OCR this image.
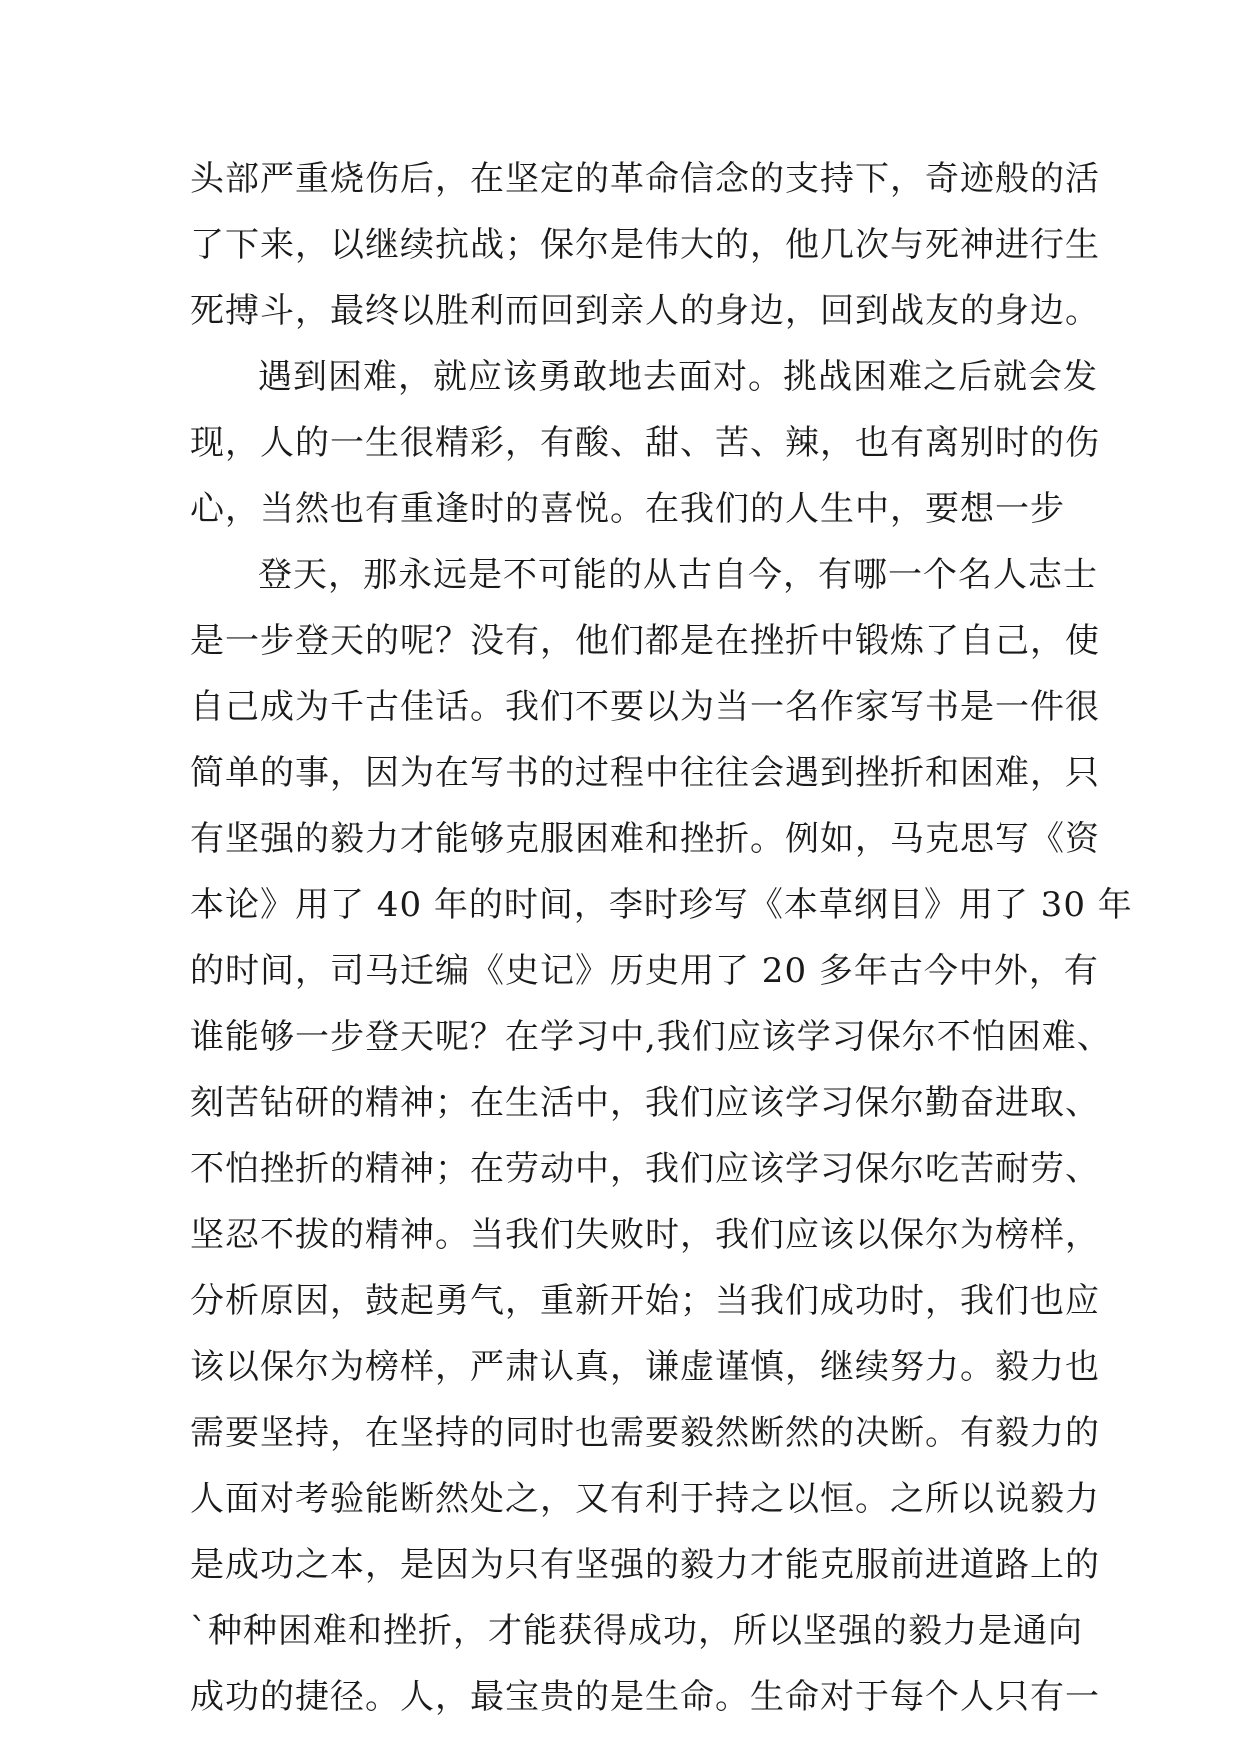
头部严重烧伤后，在坚定的革命信念的支持下，奇迹般的活
了下来，以继续抗战；保尔是伟大的，他几次与死神进行生
死搏斗，最终以胜利而回到亲人的身边，回到战友的身边。
遇到困难，就应该勇敢地去面对。挑战困难之后就会发
现，人的一生很精彩，有酸、甜、苦、辣，也有离别时的伤
心，当然也有重逢时的喜悦。在我们的人生中，要想一步
登天，那永远是不可能的从古自今，有哪一个名人志士
是一步登天的呢？没有，他们都是在挫折中锻炼了自己，使
自己成为千古佳话。我们不要以为当一名作家写书是一件很
简单的事，因为在写书的过程中往往会遇到挫折和困难，只
有坚强的毅力才能够克服困难和挫折。例如，马克思写《资
本论》用了 40 年的时间，李时珍写《本草纲目》用了 30 年
的时间，司马迁编《史记》历史用了 20 多年古今中外，有
谁能够一步登天呢？在学习中,我们应该学习保尔不怕困难、
刻苦钻研的精神；在生活中，我们应该学习保尔勤奋进取、
不怕挫折的精神；在劳动中，我们应该学习保尔吃苦耐劳、
坚忍不拔的精神。当我们失败时，我们应该以保尔为榜样，
分析原因，鼓起勇气，重新开始；当我们成功时，我们也应
该以保尔为榜样，严肃认真，谦虚谨慎，继续努力。毅力也
需要坚持，在坚持的同时也需要毅然断然的决断。有毅力的
人面对考验能断然处之，又有利于持之以恒。之所以说毅力
是成功之本，是因为只有坚强的毅力才能克服前进道路上的
`种种困难和挫折，才能获得成功，所以坚强的毅力是通向
成功的捷径。人，最宝贵的是生命。生命对于每个人只有一
